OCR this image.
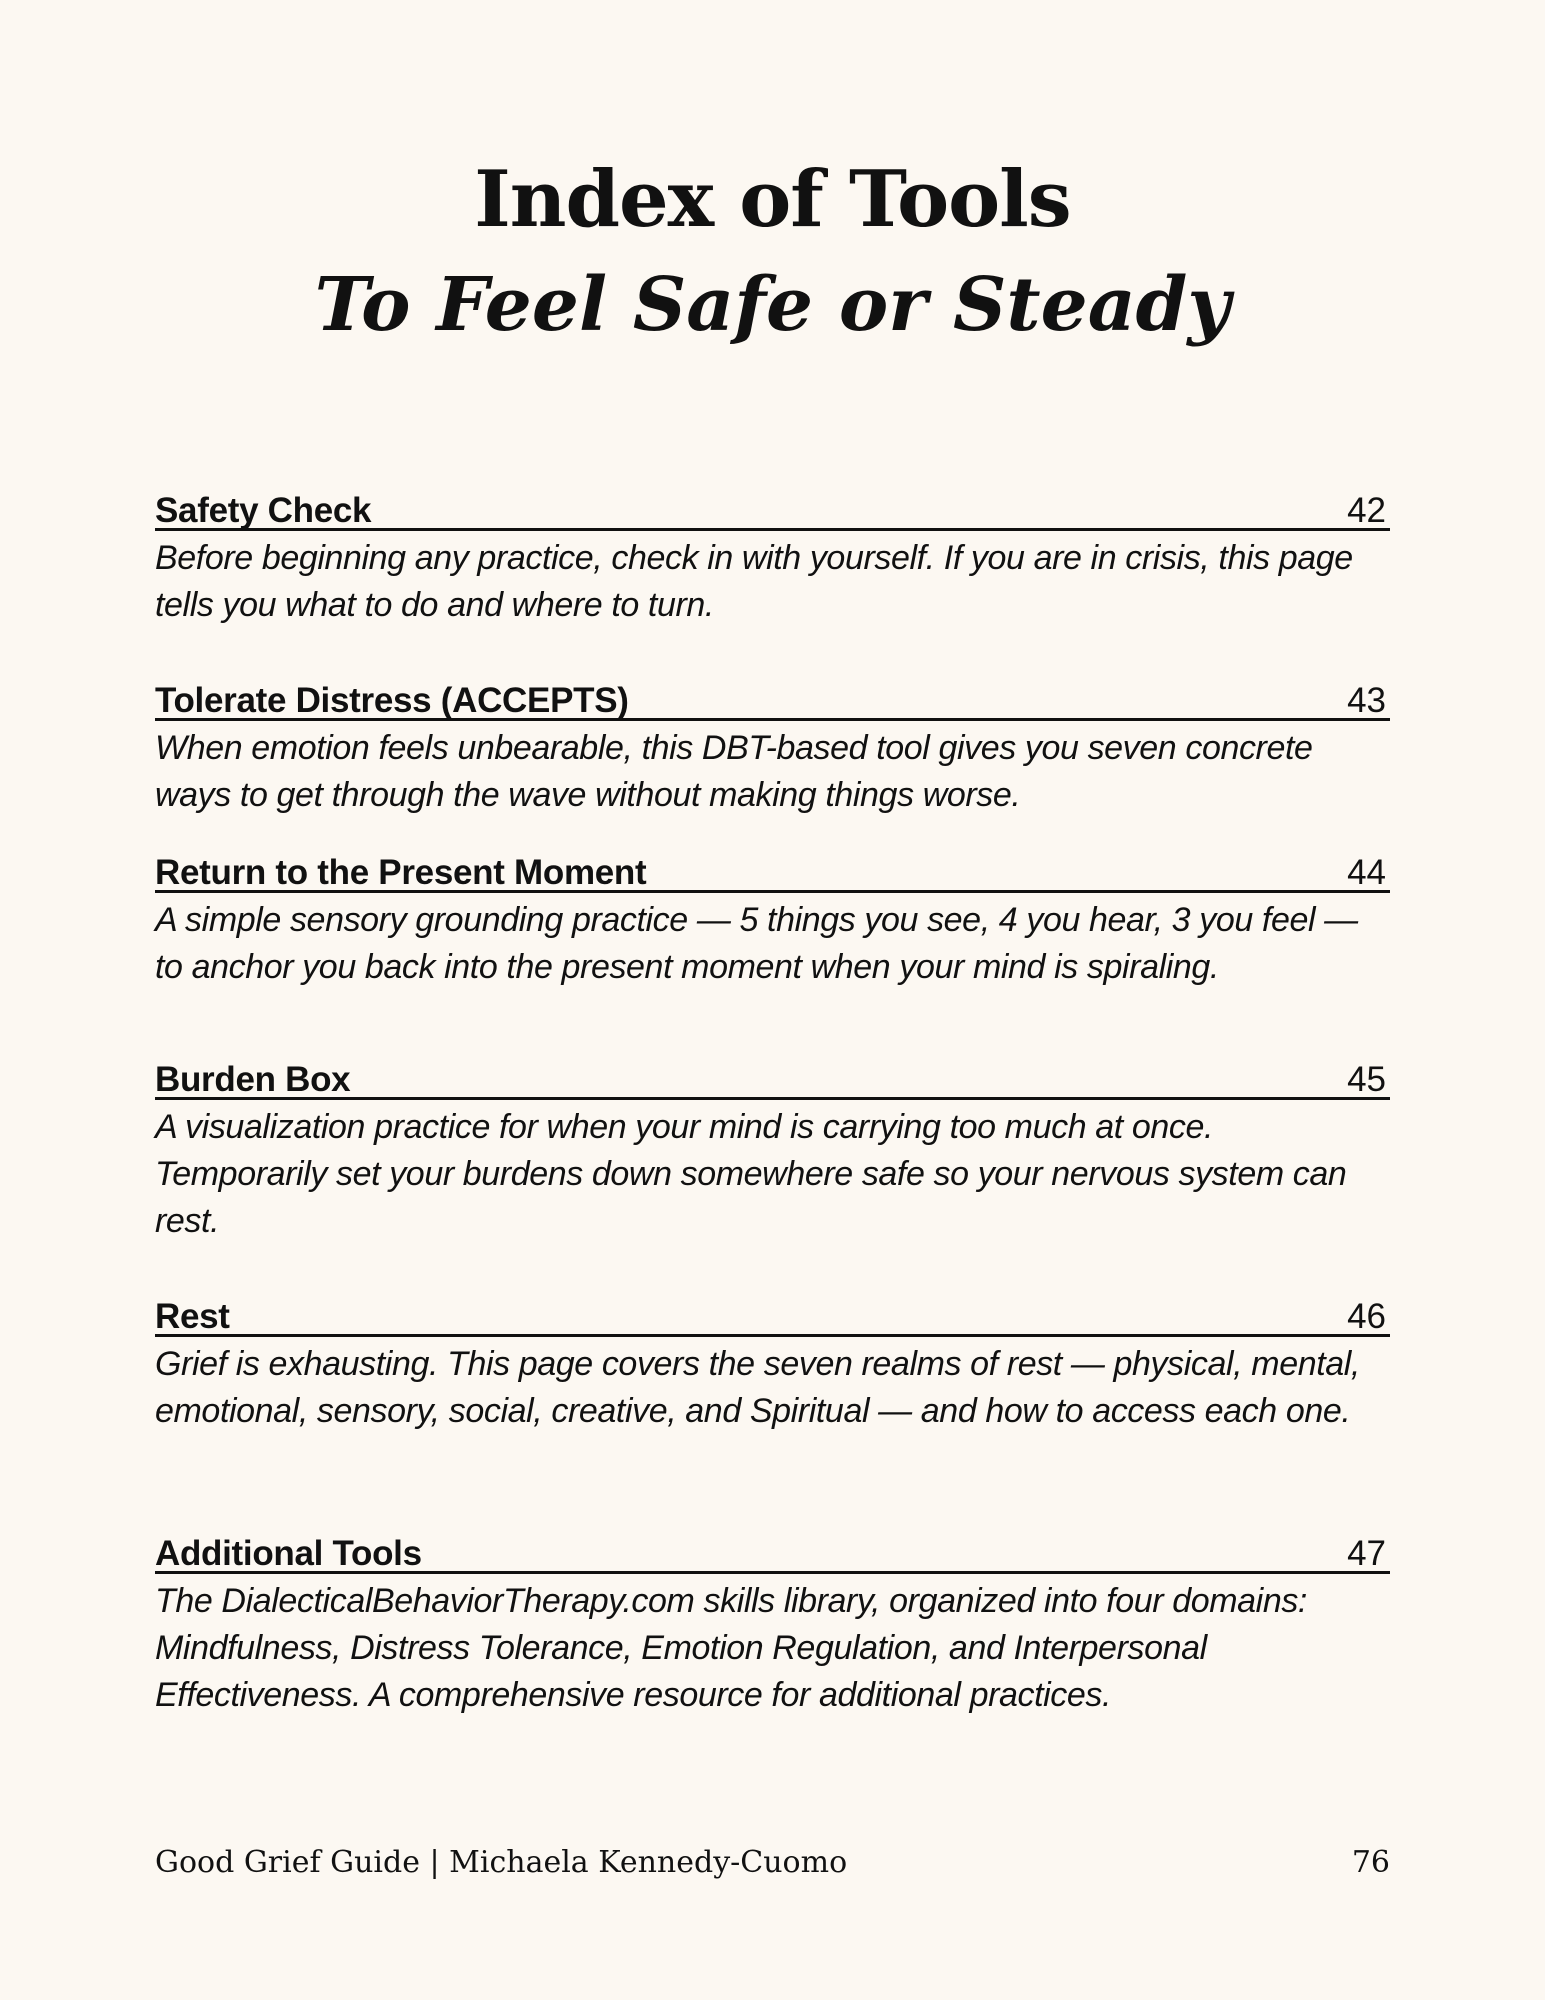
Index of Tools
To Feel Safe or Steady
Safety Check	42
Before beginning any practice, check in with yourself. If you are in crisis, this page tells you what to do and where to turn.
Tolerate Distress (ACCEPTS)	43
When emotion feels unbearable, this DBT-based tool gives you seven concrete ways to get through the wave without making things worse.
Return to the Present Moment	44
A simple sensory grounding practice — 5 things you see, 4 you hear, 3 you feel — to anchor you back into the present moment when your mind is spiraling.
Burden Box	45
A visualization practice for when your mind is carrying too much at once. Temporarily set your burdens down somewhere safe so your nervous system can rest.
Rest	46
Grief is exhausting. This page covers the seven realms of rest — physical, mental, emotional, sensory, social, creative, and Spiritual — and how to access each one.
Additional Tools	47
The DialecticalBehaviorTherapy.com skills library, organized into four domains: Mindfulness, Distress Tolerance, Emotion Regulation, and Interpersonal Effectiveness. A comprehensive resource for additional practices.
Good Grief Guide | Michaela Kennedy-Cuomo	76
